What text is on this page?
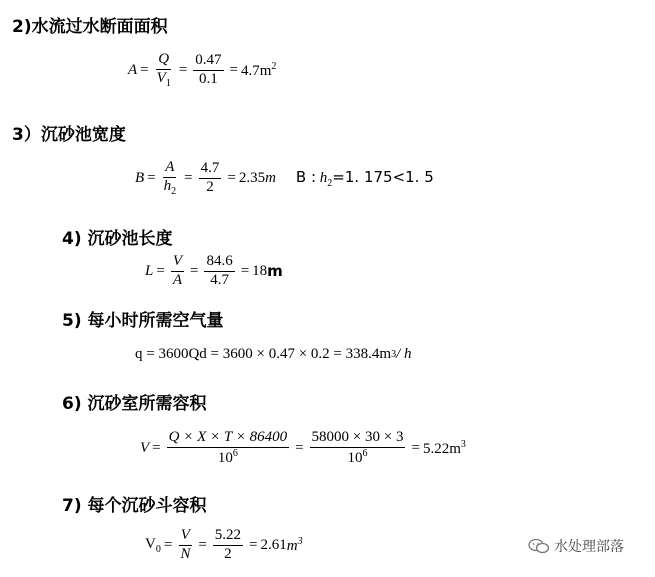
2)水流过水断面面积
3）沉砂池宽度
4) 沉砂池长度
5) 每小时所需空气量
6) 沉砂室所需容积
7) 每个沉砂斗容积
$A = \frac{Q}{V_1} = \frac{0.47}{0.1} = 4.7m^2$
$B = \frac{A}{h_2} = \frac{4.7}{2} = 2.35$ m B : $h_2=1$. 175<1. 5
$L = \frac{V}{A} = \frac{84.6}{4.7} = 18$ m
q = 3600Qd = 3600 × 0.47 × 0.2 = 338.4m 3 / h
$V = \frac{Q \times X \times T \times 86400}{10^6} = \frac{58000 \times 30 \times 3}{10^6} = 5.22m^3$
$V_0 = \frac{V}{N} = \frac{5.22}{2} = 2.61$ $m^3$	水处理部落
